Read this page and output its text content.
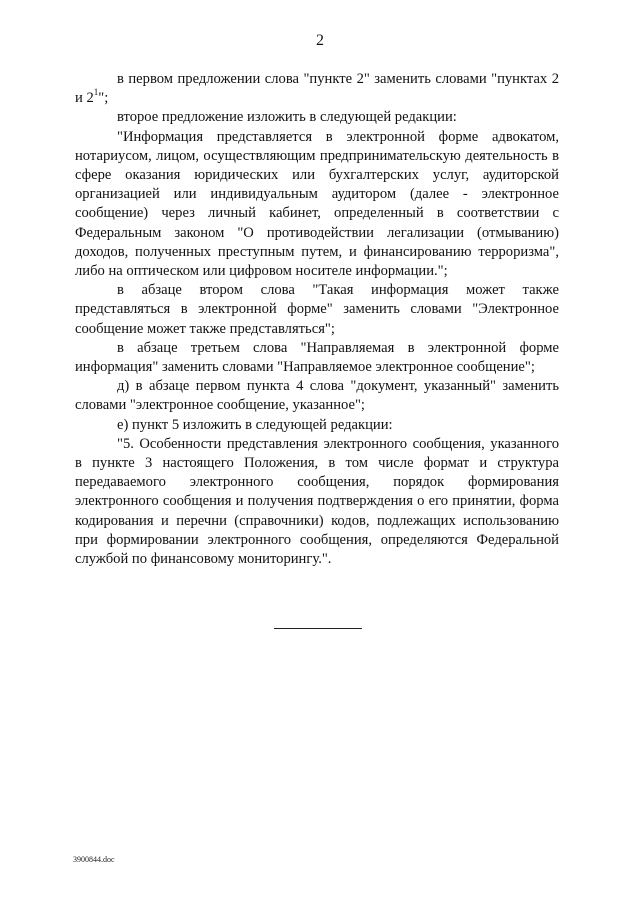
2

в первом предложении слова "пункте 2" заменить словами "пунктах 2 и $2^1$";

второе предложение изложить в следующей редакции:

"Информация представляется в электронной форме адвокатом, нотариусом, лицом, осуществляющим предпринимательскую деятельность в сфере оказания юридических или бухгалтерских услуг, аудиторской организацией или индивидуальным аудитором (далее - электронное сообщение) через личный кабинет, определенный в соответствии с Федеральным законом "О противодействии легализации (отмыванию) доходов, полученных преступным путем, и финансированию терроризма", либо на оптическом или цифровом носителе информации.";

в абзаце втором слова "Такая информация может также представляться в электронной форме" заменить словами "Электронное сообщение может также представляться";

в абзаце третьем слова "Направляемая в электронной форме информация" заменить словами "Направляемое электронное сообщение";

д) в абзаце первом пункта 4 слова "документ, указанный" заменить словами "электронное сообщение, указанное";

е) пункт 5 изложить в следующей редакции:

"5. Особенности представления электронного сообщения, указанного в пункте 3 настоящего Положения, в том числе формат и структура передаваемого электронного сообщения, порядок формирования электронного сообщения и получения подтверждения о его принятии, форма кодирования и перечни (справочники) кодов, подлежащих использованию при формировании электронного сообщения, определяются Федеральной службой по финансовому мониторингу.".

3900844.doc
